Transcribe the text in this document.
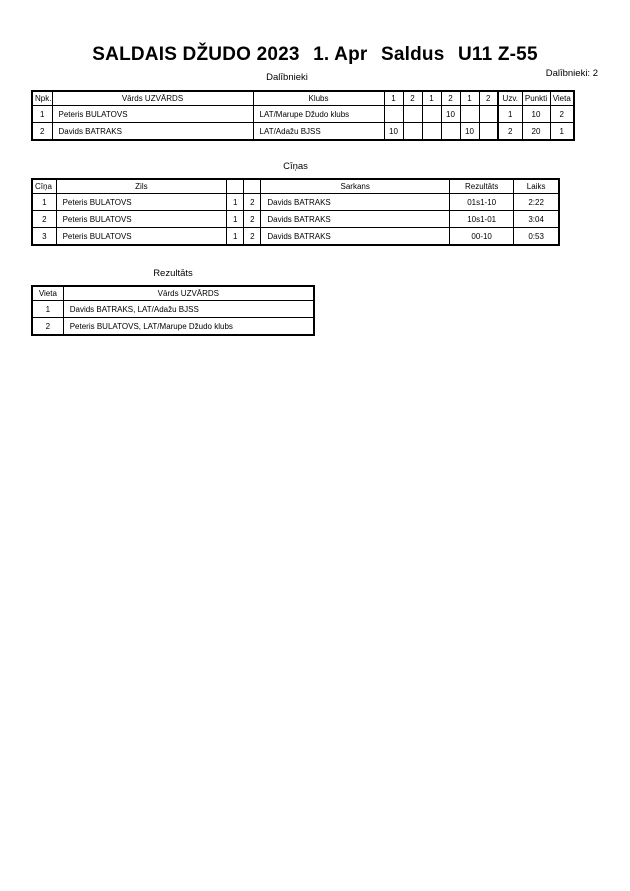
SALDAIS DŽUDO 2023 1. Apr Saldus U11 Z-55
Dalībnieki: 2
Dalībnieki
Npk.	Vārds UZVĀRDS	Klubs	1	2	1	2	1	2	Uzv.	Punkti	Vieta
1	Peteris BULATOVS	LAT/Marupe Džudo klubs				10			1	10	2
2	Davids BATRAKS	LAT/Adažu BJSS	10				10		2	20	1
Cīņas
Cīņa	Zils			Sarkans	Rezultāts	Laiks
1	Peteris BULATOVS	1	2	Davids BATRAKS	01s1-10	2:22
2	Peteris BULATOVS	1	2	Davids BATRAKS	10s1-01	3:04
3	Peteris BULATOVS	1	2	Davids BATRAKS	00-10	0:53
Rezultāts
Vieta	Vārds UZVĀRDS
1	Davids BATRAKS, LAT/Adažu BJSS
2	Peteris BULATOVS, LAT/Marupe Džudo klubs
